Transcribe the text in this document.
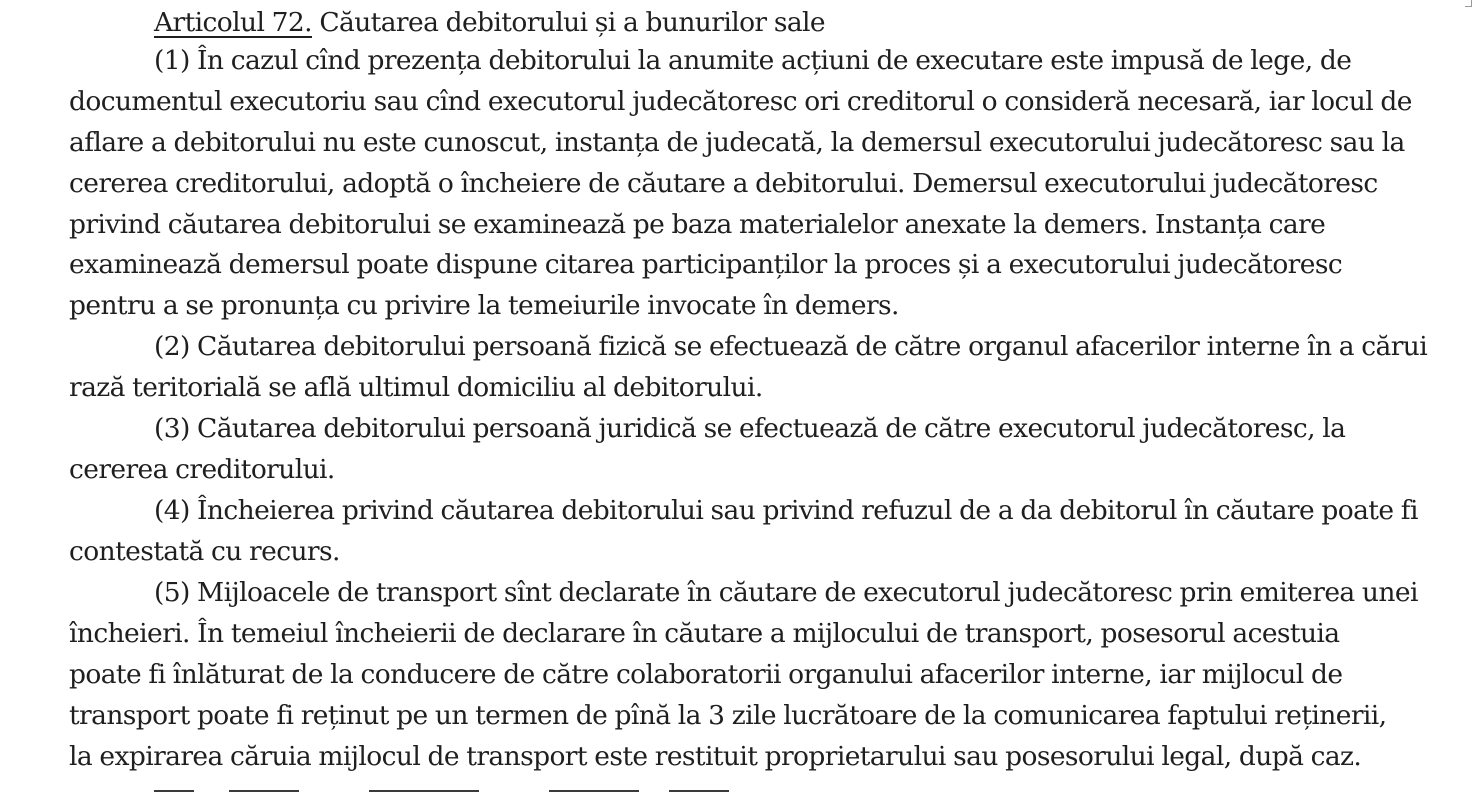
Articolul 72. Căutarea debitorului și a bunurilor sale
(1) În cazul cînd prezența debitorului la anumite acțiuni de executare este impusă de lege, de
documentul executoriu sau cînd executorul judecătoresc ori creditorul o consideră necesară, iar locul de
aflare a debitorului nu este cunoscut, instanța de judecată, la demersul executorului judecătoresc sau la
cererea creditorului, adoptă o încheiere de căutare a debitorului. Demersul executorului judecătoresc
privind căutarea debitorului se examinează pe baza materialelor anexate la demers. Instanța care
examinează demersul poate dispune citarea participanților la proces și a executorului judecătoresc
pentru a se pronunța cu privire la temeiurile invocate în demers.
(2) Căutarea debitorului persoană fizică se efectuează de către organul afacerilor interne în a cărui
rază teritorială se află ultimul domiciliu al debitorului.
(3) Căutarea debitorului persoană juridică se efectuează de către executorul judecătoresc, la
cererea creditorului.
(4) Încheierea privind căutarea debitorului sau privind refuzul de a da debitorul în căutare poate fi
contestată cu recurs.
(5) Mijloacele de transport sînt declarate în căutare de executorul judecătoresc prin emiterea unei
încheieri. În temeiul încheierii de declarare în căutare a mijlocului de transport, posesorul acestuia
poate fi înlăturat de la conducere de către colaboratorii organului afacerilor interne, iar mijlocul de
transport poate fi reținut pe un termen de pînă la 3 zile lucrătoare de la comunicarea faptului reținerii,
la expirarea căruia mijlocul de transport este restituit proprietarului sau posesorului legal, după caz.
